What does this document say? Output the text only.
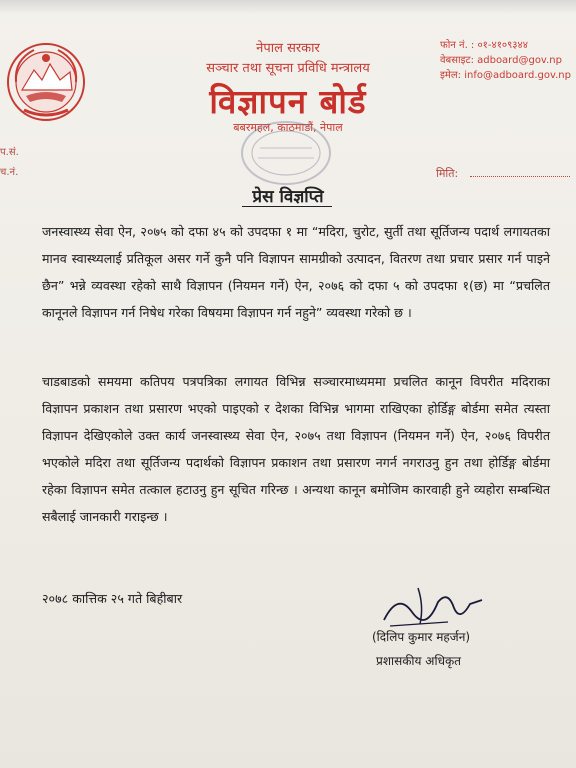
नेपाल सरकार
सञ्चार तथा सूचना प्रविधि मन्त्रालय
विज्ञापन बोर्ड
बबरमहल, काठमाडौं, नेपाल
फोन नं. : ०१-४१०९३४४
वेबसाइट: adboard@gov.np
इमेल: info@adboard.gov.np
प.सं.
च.नं.	मिति:
प्रेस विज्ञप्ति
जनस्वास्थ्य सेवा ऐन, २०७५ को दफा ४५ को उपदफा १ मा “मदिरा, चुरोट, सुर्ती तथा सूर्तिजन्य पदार्थ लगायतका मानव स्वास्थ्यलाई प्रतिकूल असर गर्ने कुनै पनि विज्ञापन सामग्रीको उत्पादन, वितरण तथा प्रचार प्रसार गर्न पाइने छैन” भन्ने व्यवस्था रहेको साथै विज्ञापन (नियमन गर्ने) ऐन, २०७६ को दफा ५ को उपदफा १(छ) मा “प्रचलित कानूनले विज्ञापन गर्न निषेध गरेका विषयमा विज्ञापन गर्न नहुने” व्यवस्था गरेको छ ।
चाडबाडको समयमा कतिपय पत्रपत्रिका लगायत विभिन्न सञ्चारमाध्यममा प्रचलित कानून विपरीत मदिराका विज्ञापन प्रकाशन तथा प्रसारण भएको पाइएको र देशका विभिन्न भागमा राखिएका होर्डिङ्ग बोर्डमा समेत त्यस्ता विज्ञापन देखिएकोले उक्त कार्य जनस्वास्थ्य सेवा ऐन, २०७५ तथा विज्ञापन (नियमन गर्ने) ऐन, २०७६ विपरीत भएकोले मदिरा तथा सूर्तिजन्य पदार्थको विज्ञापन प्रकाशन तथा प्रसारण नगर्न नगराउनु हुन तथा होर्डिङ्ग बोर्डमा रहेका विज्ञापन समेत तत्काल हटाउनु हुन सूचित गरिन्छ । अन्यथा कानून बमोजिम कारवाही हुने व्यहोरा सम्बन्धित सबैलाई जानकारी गराइन्छ ।
२०७८ कात्तिक २५ गते बिहीबार
(दिलिप कुमार महर्जन)
प्रशासकीय अधिकृत
